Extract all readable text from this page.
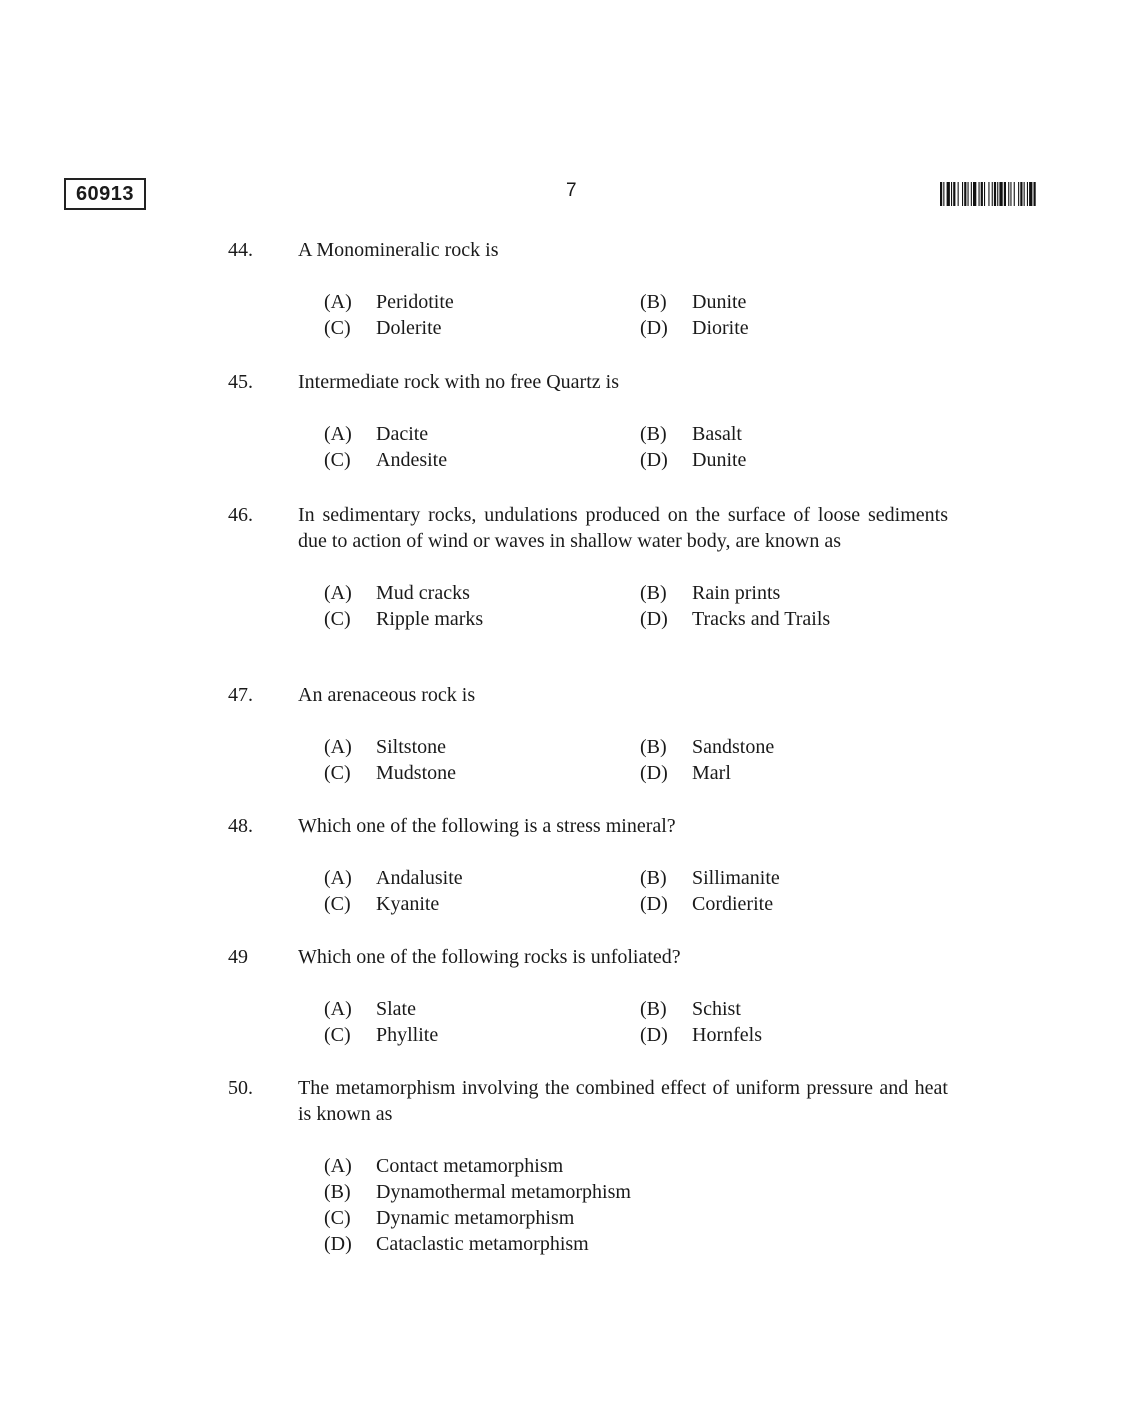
60913	7
44. A Monomineralic rock is
(A)	Peridotite	(B)	Dunite
(C)	Dolerite	(D)	Diorite
45. Intermediate rock with no free Quartz is
(A)	Dacite	(B)	Basalt
(C)	Andesite	(D)	Dunite
46. In sedimentary rocks, undulations produced on the surface of loose sediments due to action of wind or waves in shallow water body, are known as
(A)	Mud cracks	(B)	Rain prints
(C)	Ripple marks	(D)	Tracks and Trails
47. An arenaceous rock is
(A)	Siltstone	(B)	Sandstone
(C)	Mudstone	(D)	Marl
48. Which one of the following is a stress mineral?
(A)	Andalusite	(B)	Sillimanite
(C)	Kyanite	(D)	Cordierite
49	Which one of the following rocks is unfoliated?
(A)	Slate	(B)	Schist
(C)	Phyllite	(D)	Hornfels
50. The metamorphism involving the combined effect of uniform pressure and heat is known as
(A)	Contact metamorphism
(B)	Dynamothermal metamorphism
(C)	Dynamic metamorphism
(D)	Cataclastic metamorphism
